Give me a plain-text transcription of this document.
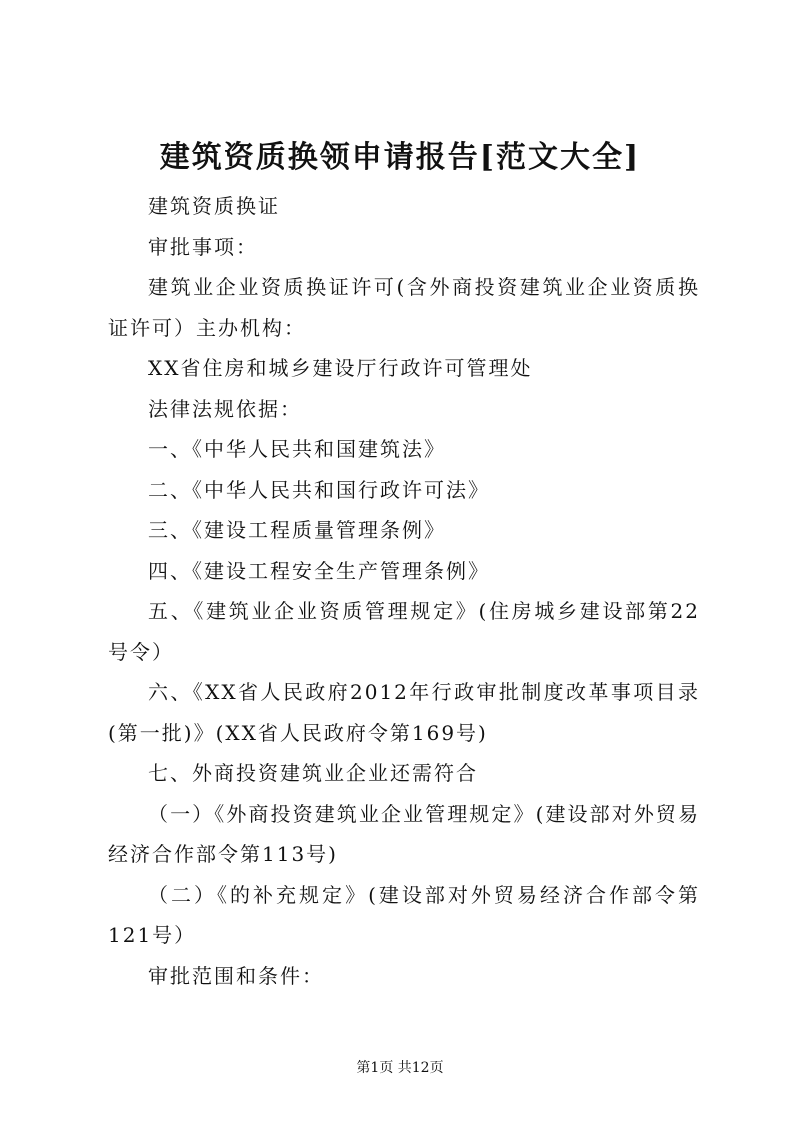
建筑资质换领申请报告[范文大全]

建筑资质换证

审批事项：

建筑业企业资质换证许可(含外商投资建筑业企业资质换证许可）主办机构：

XX省住房和城乡建设厅行政许可管理处

法律法规依据：

一、《中华人民共和国建筑法》

二、《中华人民共和国行政许可法》

三、《建设工程质量管理条例》

四、《建设工程安全生产管理条例》

五、《建筑业企业资质管理规定》(住房城乡建设部第22号令）

六、《XX省人民政府2012年行政审批制度改革事项目录(第一批)》(XX省人民政府令第169号)

七、外商投资建筑业企业还需符合

（一）《外商投资建筑业企业管理规定》(建设部对外贸易经济合作部令第113号)

（二）《的补充规定》(建设部对外贸易经济合作部令第121号）

审批范围和条件：

第1页 共12页
